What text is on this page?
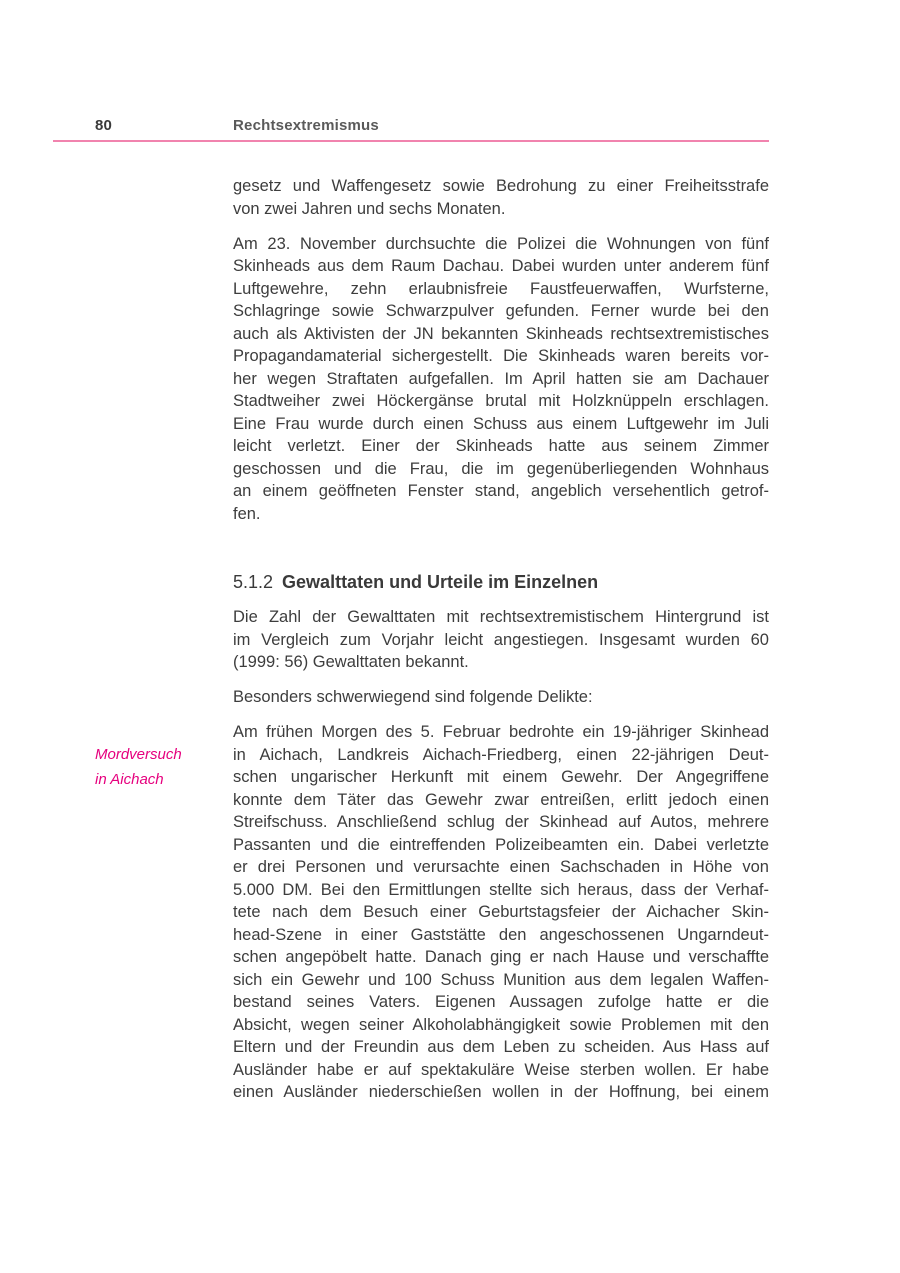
80	Rechtsextremismus
Mordversuch
in Aichach
gesetz und Waffengesetz sowie Bedrohung zu einer Freiheitsstrafe
von zwei Jahren und sechs Monaten.
Am 23. November durchsuchte die Polizei die Wohnungen von fünf
Skinheads aus dem Raum Dachau. Dabei wurden unter anderem fünf
Luftgewehre, zehn erlaubnisfreie Faustfeuerwaffen, Wurfsterne,
Schlagringe sowie Schwarzpulver gefunden. Ferner wurde bei den
auch als Aktivisten der JN bekannten Skinheads rechtsextremistisches
Propagandamaterial sichergestellt. Die Skinheads waren bereits vor-
her wegen Straftaten aufgefallen. Im April hatten sie am Dachauer
Stadtweiher zwei Höckergänse brutal mit Holzknüppeln erschlagen.
Eine Frau wurde durch einen Schuss aus einem Luftgewehr im Juli
leicht verletzt. Einer der Skinheads hatte aus seinem Zimmer
geschossen und die Frau, die im gegenüberliegenden Wohnhaus
an einem geöffneten Fenster stand, angeblich versehentlich getrof-
fen.
5.1.2 Gewalttaten und Urteile im Einzelnen
Die Zahl der Gewalttaten mit rechtsextremistischem Hintergrund ist
im Vergleich zum Vorjahr leicht angestiegen. Insgesamt wurden 60
(1999: 56) Gewalttaten bekannt.
Besonders schwerwiegend sind folgende Delikte:
Am frühen Morgen des 5. Februar bedrohte ein 19-jähriger Skinhead
in Aichach, Landkreis Aichach-Friedberg, einen 22-jährigen Deut-
schen ungarischer Herkunft mit einem Gewehr. Der Angegriffene
konnte dem Täter das Gewehr zwar entreißen, erlitt jedoch einen
Streifschuss. Anschließend schlug der Skinhead auf Autos, mehrere
Passanten und die eintreffenden Polizeibeamten ein. Dabei verletzte
er drei Personen und verursachte einen Sachschaden in Höhe von
5.000 DM. Bei den Ermittlungen stellte sich heraus, dass der Verhaf-
tete nach dem Besuch einer Geburtstagsfeier der Aichacher Skin-
head-Szene in einer Gaststätte den angeschossenen Ungarndeut-
schen angepöbelt hatte. Danach ging er nach Hause und verschaffte
sich ein Gewehr und 100 Schuss Munition aus dem legalen Waffen-
bestand seines Vaters. Eigenen Aussagen zufolge hatte er die
Absicht, wegen seiner Alkoholabhängigkeit sowie Problemen mit den
Eltern und der Freundin aus dem Leben zu scheiden. Aus Hass auf
Ausländer habe er auf spektakuläre Weise sterben wollen. Er habe
einen Ausländer niederschießen wollen in der Hoffnung, bei einem
